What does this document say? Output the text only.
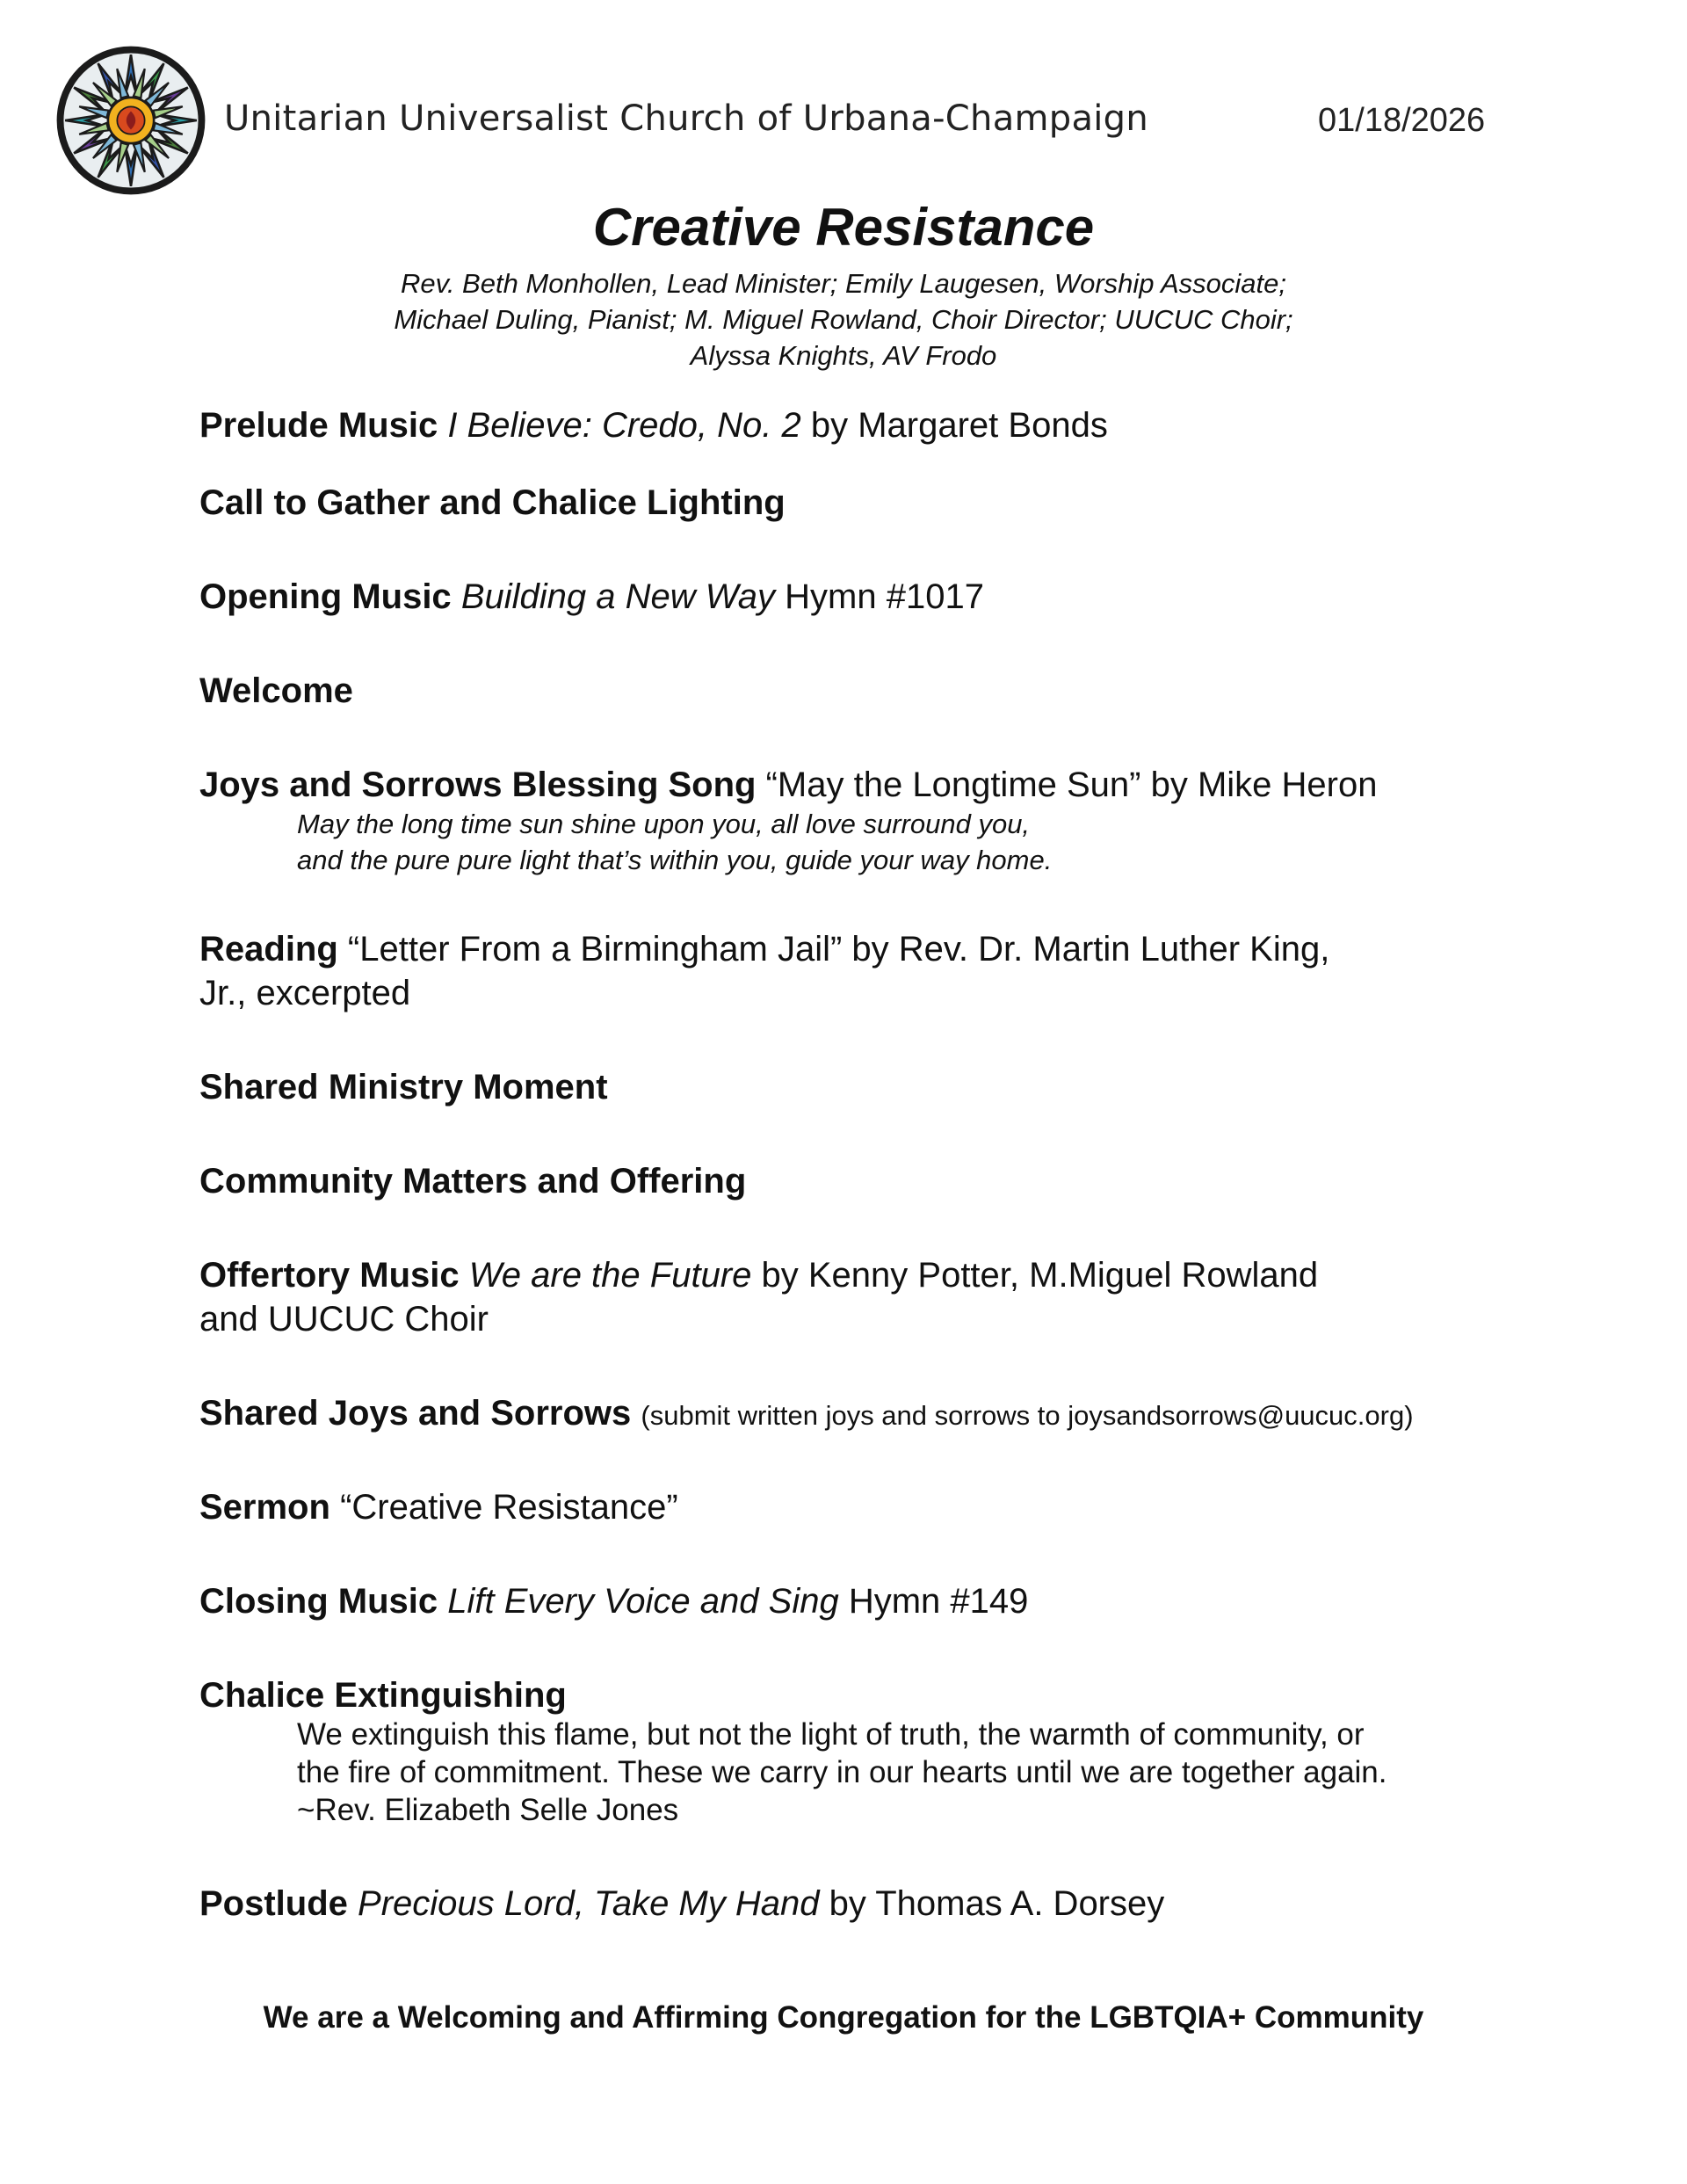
Unitarian Universalist Church of Urbana-Champaign	01/18/2026
Creative Resistance
Rev. Beth Monhollen, Lead Minister; Emily Laugesen, Worship Associate;
Michael Duling, Pianist; M. Miguel Rowland, Choir Director; UUCUC Choir;
Alyssa Knights, AV Frodo
Prelude Music I Believe: Credo, No. 2 by Margaret Bonds
Call to Gather and Chalice Lighting
Opening Music Building a New Way Hymn #1017
Welcome
Joys and Sorrows Blessing Song “May the Longtime Sun” by Mike Heron
May the long time sun shine upon you, all love surround you,
and the pure pure light that’s within you, guide your way home.
Reading “Letter From a Birmingham Jail” by Rev. Dr. Martin Luther King,
Jr., excerpted
Shared Ministry Moment
Community Matters and Offering
Offertory Music We are the Future by Kenny Potter, M.Miguel Rowland
and UUCUC Choir
Shared Joys and Sorrows (submit written joys and sorrows to joysandsorrows@uucuc.org)
Sermon “Creative Resistance”
Closing Music Lift Every Voice and Sing Hymn #149
Chalice Extinguishing
We extinguish this flame, but not the light of truth, the warmth of community, or
the fire of commitment. These we carry in our hearts until we are together again.
~Rev. Elizabeth Selle Jones
Postlude Precious Lord, Take My Hand by Thomas A. Dorsey
We are a Welcoming and Affirming Congregation for the LGBTQIA+ Community
